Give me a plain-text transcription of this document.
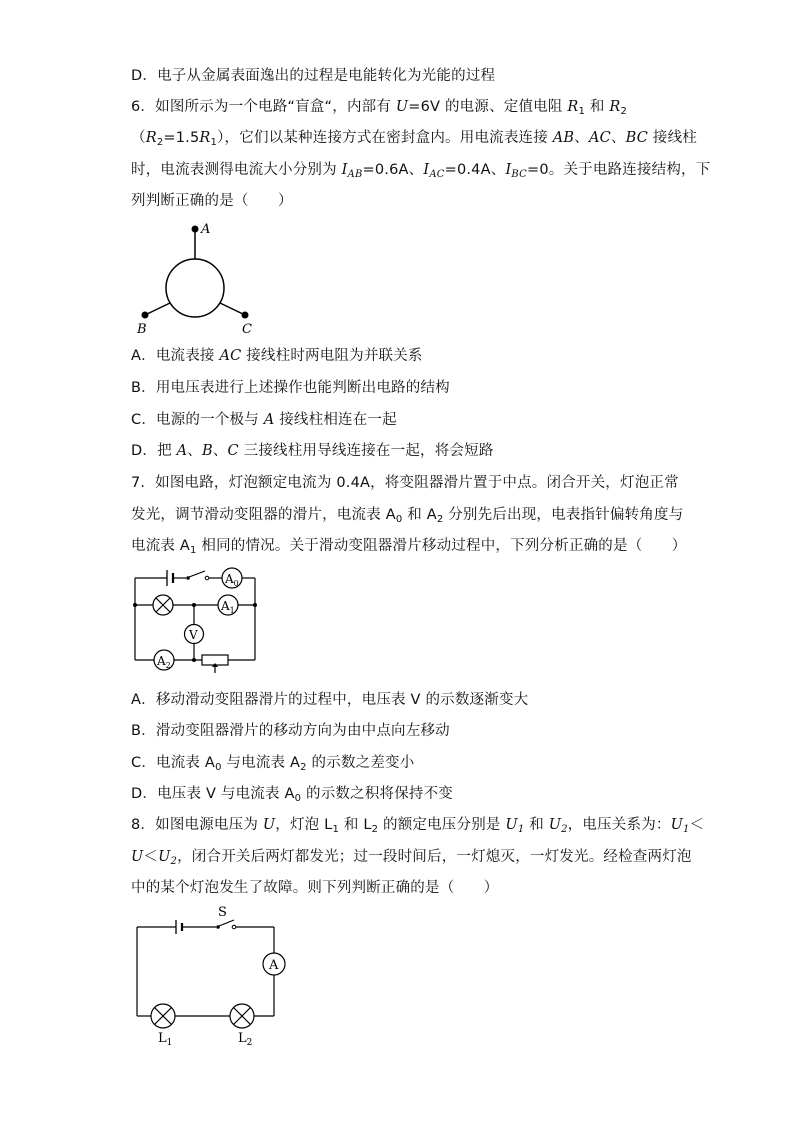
D．电子从金属表面逸出的过程是电能转化为光能的过程
6．如图所示为一个电路“盲盒“，内部有 U=6V 的电源、定值电阻 $R_1$ 和 $R_2$
$(R_2=1.5R_1)$，它们以某种连接方式在密封盒内。用电流表连接 AB、AC、BC 接线柱
时，电流表测得电流大小分别为 $I_{AB}=0.6A$、$I_{AC}=0.4A$、$I_{BC}=0$。关于电路连接结构，下
列判断正确的是（　　）
A
B	C
A．电流表接 AC 接线柱时两电阻为并联关系
B．用电压表进行上述操作也能判断出电路的结构
C．电源的一个极与 A 接线柱相连在一起
D．把 A、B、C 三接线柱用导线连接在一起，将会短路
7．如图电路，灯泡额定电流为 0.4A，将变阻器滑片置于中点。闭合开关，灯泡正常
发光，调节滑动变阻器的滑片，电流表 $A_0$ 和 $A_2$ 分别先后出现，电表指针偏转角度与
电流表 $A_1$ 相同的情况。关于滑动变阻器滑片移动过程中，下列分析正确的是（　　）
$A_0$
$A_1$
V
$A_2$
A．移动滑动变阻器滑片的过程中，电压表 V 的示数逐渐变大
B．滑动变阻器滑片的移动方向为由中点向左移动
C．电流表 $A_0$ 与电流表 $A_2$ 的示数之差变小
D．电压表 V 与电流表 $A_0$ 的示数之积将保持不变
8．如图电源电压为 U，灯泡 $L_1$ 和 $L_2$ 的额定电压分别是 $U_1$ 和 $U_2$，电压关系为：$U_1<$
$U<U_2$，闭合开关后两灯都发光；过一段时间后，一灯熄灭，一灯发光。经检查两灯泡
中的某个灯泡发生了故障。则下列判断正确的是（　　）
S
A
$L_1$	$L_2$
